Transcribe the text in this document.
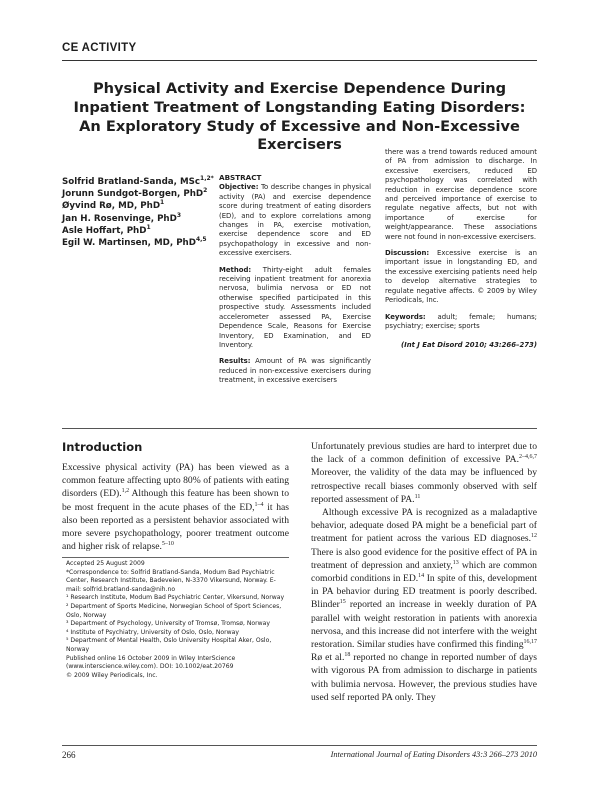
CE ACTIVITY
Physical Activity and Exercise Dependence During Inpatient Treatment of Longstanding Eating Disorders: An Exploratory Study of Excessive and Non-Excessive Exercisers
Solfrid Bratland-Sanda, MSc$^{1,2*}$
Jorunn Sundgot-Borgen, PhD$^2$
Øyvind Rø, MD, PhD$^1$
Jan H. Rosenvinge, PhD$^3$
Asle Hoffart, PhD$^1$
Egil W. Martinsen, MD, PhD$^{4,5}$
ABSTRACT

Objective: To describe changes in physical activity (PA) and exercise dependence score during treatment of eating disorders (ED), and to explore correlations among changes in PA, exercise motivation, exercise dependence score and ED psychopathology in excessive and non-excessive exercisers.

Method: Thirty-eight adult females receiving inpatient treatment for anorexia nervosa, bulimia nervosa or ED not otherwise specified participated in this prospective study. Assessments included accelerometer assessed PA, Exercise Dependence Scale, Reasons for Exercise Inventory, ED Examination, and ED Inventory.

Results: Amount of PA was significantly reduced in non-excessive exercisers during treatment, in excessive exercisers

there was a trend towards reduced amount of PA from admission to discharge. In excessive exercisers, reduced ED psychopathology was correlated with reduction in exercise dependence score and perceived importance of exercise to regulate negative affects, but not with importance of exercise for weight/appearance. These associations were not found in non-excessive exercisers.

Discussion: Excessive exercise is an important issue in longstanding ED, and the excessive exercising patients need help to develop alternative strategies to regulate negative affects. © 2009 by Wiley Periodicals, Inc.

Keywords: adult; female; humans; psychiatry; exercise; sports

(Int J Eat Disord 2010; 43:266–273)
Introduction

Excessive physical activity (PA) has been viewed as a common feature affecting upto 80% of patients with eating disorders (ED).$^{1,2}$ Although this feature has been shown to be most frequent in the acute phases of the ED,$^{1-4}$ it has also been reported as a persistent behavior associated with more severe psychopathology, poorer treatment outcome and higher risk of relapse.$^{5-10}$

Accepted 25 August 2009

*Correspondence to: Solfrid Bratland-Sanda, Modum Bad Psychiatric Center, Research Institute, Badeveien, N-3370 Vikersund, Norway. E-mail: solfrid.bratland-sanda@nih.no

¹ Research Institute, Modum Bad Psychiatric Center, Vikersund, Norway

² Department of Sports Medicine, Norwegian School of Sport Sciences, Oslo, Norway

³ Department of Psychology, University of Tromsø, Tromsø, Norway

⁴ Institute of Psychiatry, University of Oslo, Oslo, Norway

⁵ Department of Mental Health, Oslo University Hospital Aker, Oslo, Norway

Published online 16 October 2009 in Wiley InterScience (www.interscience.wiley.com). DOI: 10.1002/eat.20769

© 2009 Wiley Periodicals, Inc.

Unfortunately previous studies are hard to interpret due to the lack of a common definition of excessive PA.$^{2-4,6,7}$ Moreover, the validity of the data may be influenced by retrospective recall biases commonly observed with self reported assessment of PA.$^{11}$

Although excessive PA is recognized as a maladaptive behavior, adequate dosed PA might be a beneficial part of treatment for patient across the various ED diagnoses.$^{12}$ There is also good evidence for the positive effect of PA in treatment of depression and anxiety,$^{13}$ which are common comorbid conditions in ED.$^{14}$ In spite of this, development in PA behavior during ED treatment is poorly described. Blinder$^{15}$ reported an increase in weekly duration of PA parallel with weight restoration in patients with anorexia nervosa, and this increase did not interfere with the weight restoration. Similar studies have confirmed this finding$^{16,17}$ Rø et al.$^{18}$ reported no change in reported number of days with vigorous PA from admission to discharge in patients with bulimia nervosa. However, the previous studies have used self reported PA only. They

266	International Journal of Eating Disorders 43:3 266–273 2010
